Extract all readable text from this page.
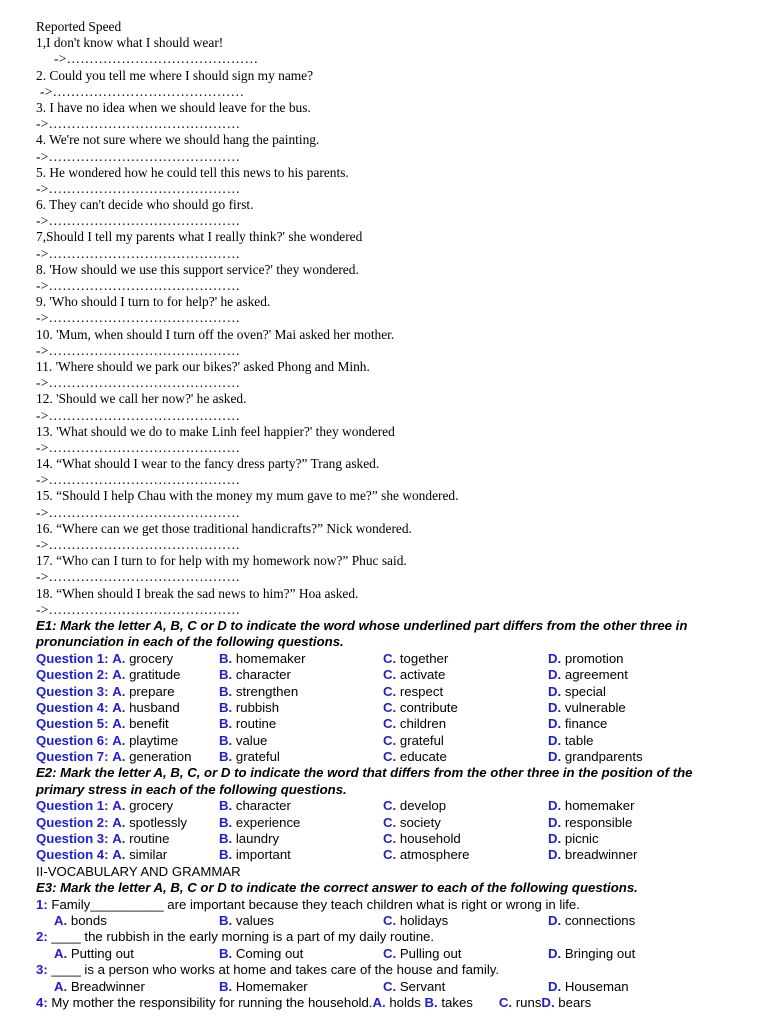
Reported Speed
1,I don't know what I should wear!
->……………………………………
2. Could you tell me where I should sign my name?
->……………………………………
3. I have no idea when we should leave for the bus.
->……………………………………
4. We're not sure where we should hang the painting.
->……………………………………
5. He wondered how he could tell this news to his parents.
->……………………………………
6. They can't decide who should go first.
->……………………………………
7,Should I tell my parents what I really think?' she wondered
->……………………………………
8. 'How should we use this support service?' they wondered.
->……………………………………
9. 'Who should I turn to for help?' he asked.
->……………………………………
10. 'Mum, when should I turn off the oven?' Mai asked her mother.
->……………………………………
11. 'Where should we park our bikes?' asked Phong and Minh.
->……………………………………
12. 'Should we call her now?' he asked.
->……………………………………
13. 'What should we do to make Linh feel happier?' they wondered
->……………………………………
14. “What should I wear to the fancy dress party?” Trang asked.
->……………………………………
15. “Should I help Chau with the money my mum gave to me?” she wondered.
->……………………………………
16. “Where can we get those traditional handicrafts?” Nick wondered.
->……………………………………
17. “Who can I turn to for help with my homework now?” Phuc said.
->……………………………………
18. “When should I break the sad news to him?” Hoa asked.
->……………………………………
E1: Mark the letter A, B, C or D to indicate the word whose underlined part differs from the other three in pronunciation in each of the following questions.
Question 1: A. grocery	B. homemaker	C. together	D. promotion
Question 2: A. gratitude	B. character	C. activate	D. agreement
Question 3: A. prepare	B. strengthen	C. respect	D. special
Question 4: A. husband	B. rubbish	C. contribute	D. vulnerable
Question 5: A. benefit	B. routine	C. children	D. finance
Question 6: A. playtime	B. value	C. grateful	D. table
Question 7: A. generation B. grateful	C. educate	D. grandparents
E2: Mark the letter A, B, C, or D to indicate the word that differs from the other three in the position of the primary stress in each of the following questions.
Question 1: A. grocery	B. character	C. develop	D. homemaker
Question 2: A. spotlessly B. experience	C. society	D. responsible
Question 3: A. routine	B. laundry	C. household	D. picnic
Question 4: A. similar	B. important	C. atmosphere	D. breadwinner
II-VOCABULARY AND GRAMMAR
E3: Mark the letter A, B, C or D to indicate the correct answer to each of the following questions.
1: Family__________ are important because they teach children what is right or wrong in life.
A. bonds	B. values	C. holidays	D. connections
2: ____ the rubbish in the early morning is a part of my daily routine.
A. Putting out	B. Coming out	C. Pulling out	D. Bringing out
3: ____ is a person who works at home and takes care of the house and family.
A. Breadwinner	B. Homemaker	C. Servant	D. Houseman
4: My mother the responsibility for running the household.A. holds B. takes C. runsD. bears
